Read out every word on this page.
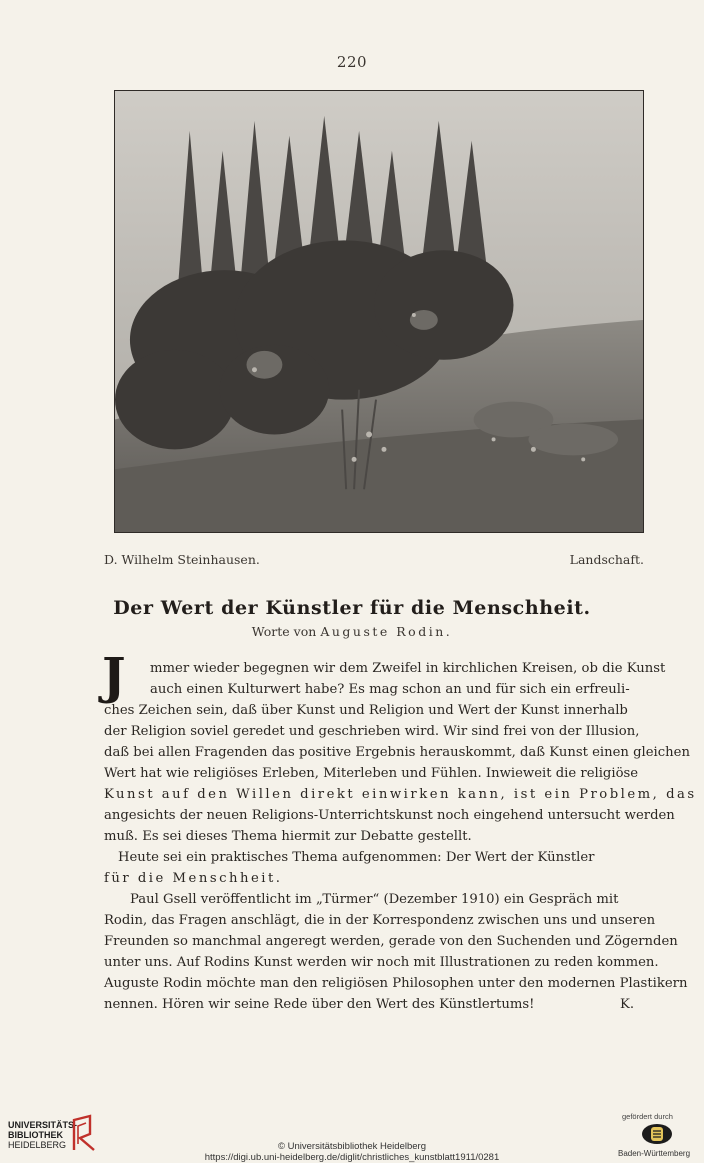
220
D. Wilhelm Steinhausen.	Landschaft.
Der Wert der Künstler für die Menschheit.
Worte von Auguste Rodin.
J	mmer wieder begegnen wir dem Zweifel in kirchlichen Kreisen, ob die Kunst
auch einen Kulturwert habe? Es mag schon an und für sich ein erfreuli-
ches Zeichen sein, daß über Kunst und Religion und Wert der Kunst innerhalb
der Religion soviel geredet und geschrieben wird. Wir sind frei von der Illusion,
daß bei allen Fragenden das positive Ergebnis herauskommt, daß Kunst einen gleichen
Wert hat wie religiöses Erleben, Miterleben und Fühlen. Inwieweit die religiöse
Kunst auf den Willen direkt einwirken kann, ist ein Problem, das
angesichts der neuen Religions-Unterrichtskunst noch eingehend untersucht werden
muß. Es sei dieses Thema hiermit zur Debatte gestellt.
Heute sei ein praktisches Thema aufgenommen: Der Wert der Künstler
für die Menschheit.
Paul Gsell veröffentlicht im „Türmer“ (Dezember 1910) ein Gespräch mit
Rodin, das Fragen anschlägt, die in der Korrespondenz zwischen uns und unseren
Freunden so manchmal angeregt werden, gerade von den Suchenden und Zögernden
unter uns. Auf Rodins Kunst werden wir noch mit Illustrationen zu reden kommen.
Auguste Rodin möchte man den religiösen Philosophen unter den modernen Plastikern
nennen. Hören wir seine Rede über den Wert des Künstlertums!	K.
UNIVERSITÄTS-
BIBLIOTHEK
HEIDELBERG	© Universitätsbibliothek Heidelberg
https://digi.ub.uni-heidelberg.de/diglit/christliches_kunstblatt1911/0281
gefördert durch
Baden-Württemberg
